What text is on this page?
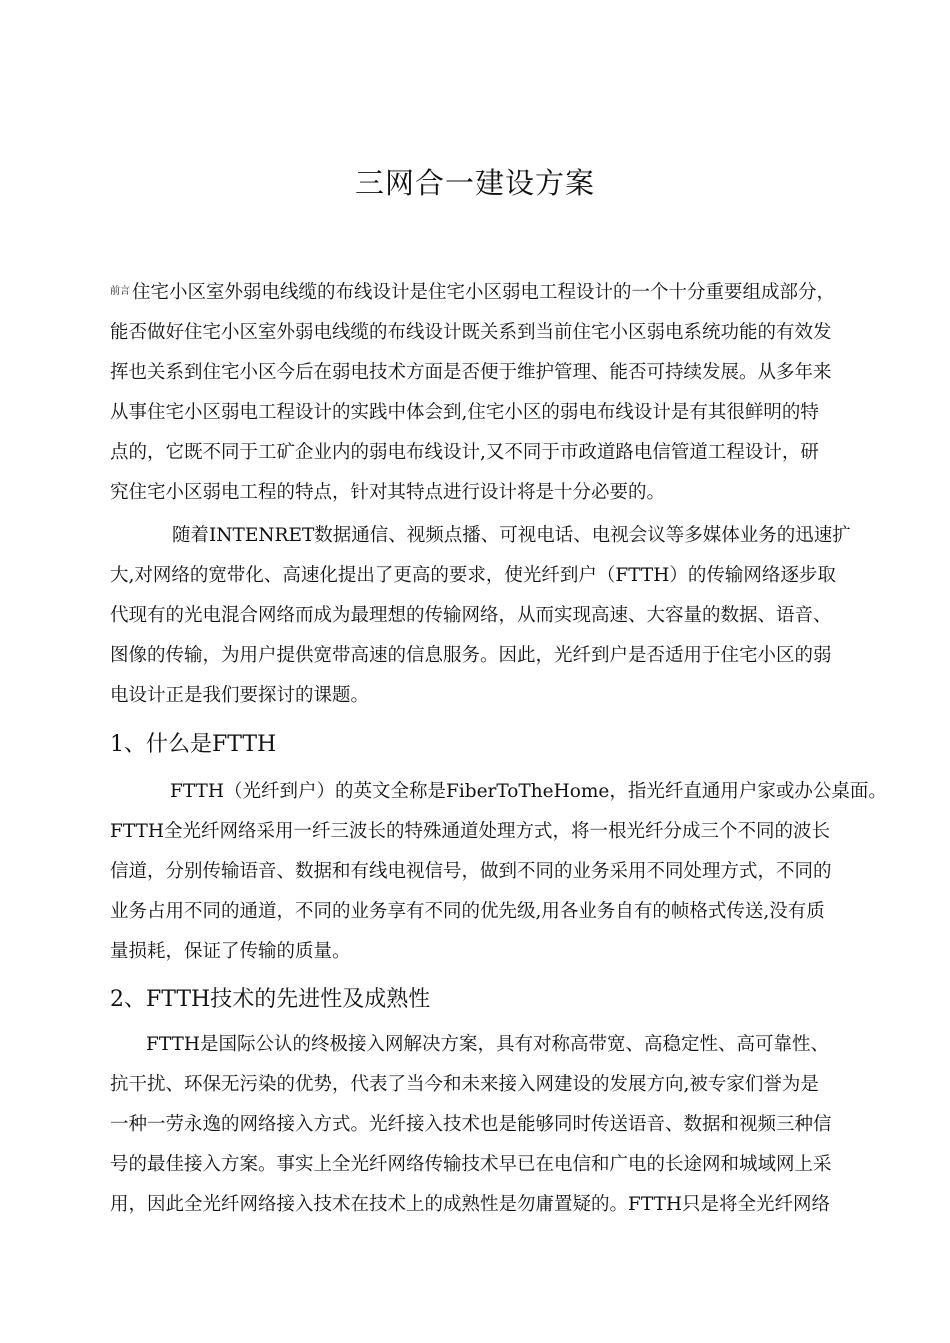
三网合一建设方案
$^{前言}$ 住宅小区室外弱电线缆的布线设计是住宅小区弱电工程设计的一个十分重要组成部分，
能否做好住宅小区室外弱电线缆的布线设计既关系到当前住宅小区弱电系统功能的有效发
挥也关系到住宅小区今后在弱电技术方面是否便于维护管理、能否可持续发展。从多年来
从事住宅小区弱电工程设计的实践中体会到,住宅小区的弱电布线设计是有其很鲜明的特
点的，它既不同于工矿企业内的弱电布线设计,又不同于市政道路电信管道工程设计，研
究住宅小区弱电工程的特点，针对其特点进行设计将是十分必要的。
随着INTENRET数据通信、视频点播、可视电话、电视会议等多媒体业务的迅速扩
大,对网络的宽带化、高速化提出了更高的要求，使光纤到户（FTTH）的传输网络逐步取
代现有的光电混合网络而成为最理想的传输网络，从而实现高速、大容量的数据、语音、
图像的传输，为用户提供宽带高速的信息服务。因此，光纤到户是否适用于住宅小区的弱
电设计正是我们要探讨的课题。
1、什么是FTTH
FTTH（光纤到户）的英文全称是FiberToTheHome，指光纤直通用户家或办公桌面。
FTTH全光纤网络采用一纤三波长的特殊通道处理方式，将一根光纤分成三个不同的波长
信道，分别传输语音、数据和有线电视信号，做到不同的业务采用不同处理方式，不同的
业务占用不同的通道，不同的业务享有不同的优先级,用各业务自有的帧格式传送,没有质
量损耗，保证了传输的质量。
2、FTTH技术的先进性及成熟性
FTTH是国际公认的终极接入网解决方案，具有对称高带宽、高稳定性、高可靠性、
抗干扰、环保无污染的优势，代表了当今和未来接入网建设的发展方向,被专家们誉为是
一种一劳永逸的网络接入方式。光纤接入技术也是能够同时传送语音、数据和视频三种信
号的最佳接入方案。事实上全光纤网络传输技术早已在电信和广电的长途网和城域网上采
用，因此全光纤网络接入技术在技术上的成熟性是勿庸置疑的。FTTH只是将全光纤网络
